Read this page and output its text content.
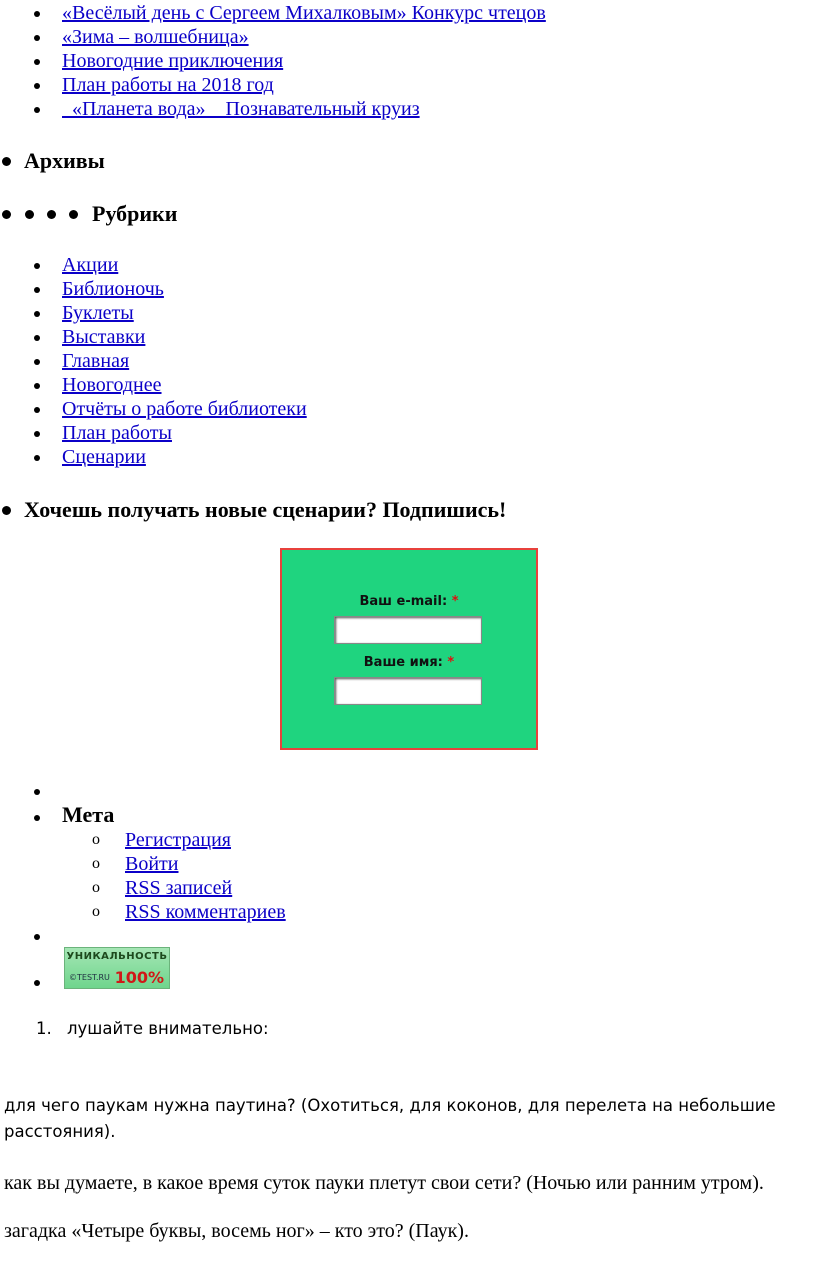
«Весёлый день с Сергеем Михалковым» Конкурс чтецов
«Зима – волшебница»
Новогодние приключения
План работы на 2018 год
«Планета вода»    Познавательный круиз
Архивы
Рубрики
Акции
Библионочь
Буклеты
Выставки
Главная
Новогоднее
Отчёты о работе библиотеки
План работы
Сценарии
Хочешь получать новые сценарии? Подпишись!
Ваш e-mail: *
Ваше имя: *
Мета
o Регистрация
o Войти
o RSS записей
o RSS комментариев
УНИКАЛЬНОСТЬ
©TEST.RU 100%
1. лушайте внимательно:
для чего паукам нужна паутина? (Охотиться, для коконов, для перелета на небольшие
расстояния).
как вы думаете, в какое время суток пауки плетут свои сети? (Ночью или ранним утром).
загадка «Четыре буквы, восемь ног» – кто это? (Паук).
